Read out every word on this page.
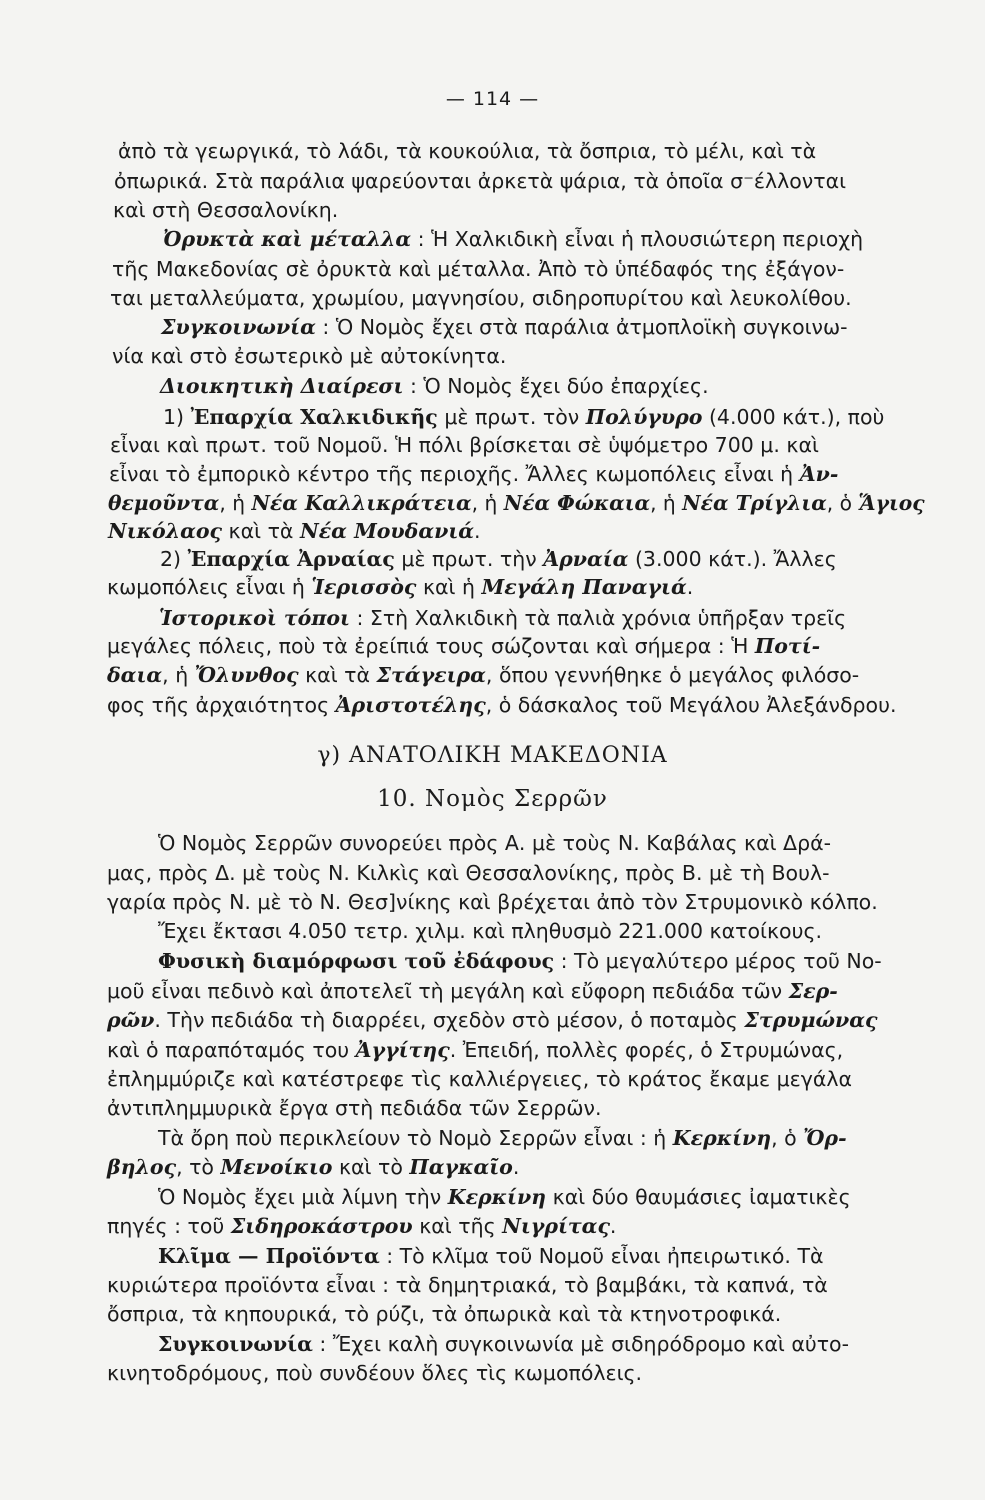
— 114 —
ἀπὸ τὰ γεωργικά, τὸ λάδι, τὰ κουκούλια, τὰ ὄσπρια, τὸ μέλι, καὶ τὰ
ὀπωρικά. Στὰ παράλια ψαρεύονται ἀρκετὰ ψάρια, τὰ ὁποῖα σ⁻έλλονται
καὶ στὴ Θεσσαλονίκη.
Ὀρυκτὰ καὶ μέταλλα : Ἡ Χαλκιδικὴ εἶναι ἡ πλουσιώτερη περιοχὴ
τῆς Μακεδονίας σὲ ὀρυκτὰ καὶ μέταλλα. Ἀπὸ τὸ ὑπέδαφός της ἐξάγον-
ται μεταλλεύματα, χρωμίου, μαγνησίου, σιδηροπυρίτου καὶ λευκολίθου.
Συγκοινωνία : Ὁ Νομὸς ἔχει στὰ παράλια ἀτμοπλοϊκὴ συγκοινω-
νία καὶ στὸ ἐσωτερικὸ μὲ αὐτοκίνητα.
Διοικητικὴ Διαίρεσι : Ὁ Νομὸς ἔχει δύο ἐπαρχίες.
1) Ἐπαρχία Χαλκιδικῆς μὲ πρωτ. τὸν Πολύγυρο (4.000 κάτ.), ποὺ
εἶναι καὶ πρωτ. τοῦ Νομοῦ. Ἡ πόλι βρίσκεται σὲ ὑψόμετρο 700 μ. καὶ
εἶναι τὸ ἐμπορικὸ κέντρο τῆς περιοχῆς. Ἄλλες κωμοπόλεις εἶναι ἡ Ἀν-
θεμοῦντα, ἡ Νέα Καλλικράτεια, ἡ Νέα Φώκαια, ἡ Νέα Τρίγλια, ὁ Ἅγιος
Νικόλαος καὶ τὰ Νέα Μουδανιά.
2) Ἐπαρχία Ἀρναίας μὲ πρωτ. τὴν Ἀρναία (3.000 κάτ.). Ἄλλες
κωμοπόλεις εἶναι ἡ Ἱερισσὸς καὶ ἡ Μεγάλη Παναγιά.
Ἱστορικοὶ τόποι : Στὴ Χαλκιδικὴ τὰ παλιὰ χρόνια ὑπῆρξαν τρεῖς
μεγάλες πόλεις, ποὺ τὰ ἐρείπιά τους σώζονται καὶ σήμερα : Ἡ Ποτί-
δαια, ἡ Ὄλυνθος καὶ τὰ Στάγειρα, ὅπου γεννήθηκε ὁ μεγάλος φιλόσο-
φος τῆς ἀρχαιότητος Ἀριστοτέλης, ὁ δάσκαλος τοῦ Μεγάλου Ἀλεξάνδρου.
γ) ΑΝΑΤΟΛΙΚΗ ΜΑΚΕΔΟΝΙΑ
10. Νομὸς Σερρῶν
Ὁ Νομὸς Σερρῶν συνορεύει πρὸς Α. μὲ τοὺς Ν. Καβάλας καὶ Δρά-
μας, πρὸς Δ. μὲ τοὺς Ν. Κιλκὶς καὶ Θεσσαλονίκης, πρὸς Β. μὲ τὴ Βουλ-
γαρία πρὸς Ν. μὲ τὸ Ν. Θεσ]νίκης καὶ βρέχεται ἀπὸ τὸν Στρυμονικὸ κόλπο.
Ἔχει ἔκτασι 4.050 τετρ. χιλμ. καὶ πληθυσμὸ 221.000 κατοίκους.
Φυσικὴ διαμόρφωσι τοῦ ἐδάφους : Τὸ μεγαλύτερο μέρος τοῦ Νο-
μοῦ εἶναι πεδινὸ καὶ ἀποτελεῖ τὴ μεγάλη καὶ εὔφορη πεδιάδα τῶν Σερ-
ρῶν. Τὴν πεδιάδα τὴ διαρρέει, σχεδὸν στὸ μέσον, ὁ ποταμὸς Στρυμώνας
καὶ ὁ παραπόταμός του Ἀγγίτης. Ἐπειδή, πολλὲς φορές, ὁ Στρυμώνας,
ἐπλημμύριζε καὶ κατέστρεφε τὶς καλλιέργειες, τὸ κράτος ἔκαμε μεγάλα
ἀντιπλημμυρικὰ ἔργα στὴ πεδιάδα τῶν Σερρῶν.
Τὰ ὄρη ποὺ περικλείουν τὸ Νομὸ Σερρῶν εἶναι : ἡ Κερκίνη, ὁ Ὄρ-
βηλος, τὸ Μενοίκιο καὶ τὸ Παγκαῖο.
Ὁ Νομὸς ἔχει μιὰ λίμνη τὴν Κερκίνη καὶ δύο θαυμάσιες ἰαματικὲς
πηγές : τοῦ Σιδηροκάστρου καὶ τῆς Νιγρίτας.
Κλῖμα — Προϊόντα : Τὸ κλῖμα τοῦ Νομοῦ εἶναι ἠπειρωτικό. Τὰ
κυριώτερα προϊόντα εἶναι : τὰ δημητριακά, τὸ βαμβάκι, τὰ καπνά, τὰ
ὄσπρια, τὰ κηπουρικά, τὸ ρύζι, τὰ ὀπωρικὰ καὶ τὰ κτηνοτροφικά.
Συγκοινωνία : Ἔχει καλὴ συγκοινωνία μὲ σιδηρόδρομο καὶ αὐτο-
κινητοδρόμους, ποὺ συνδέουν ὅλες τὶς κωμοπόλεις.
